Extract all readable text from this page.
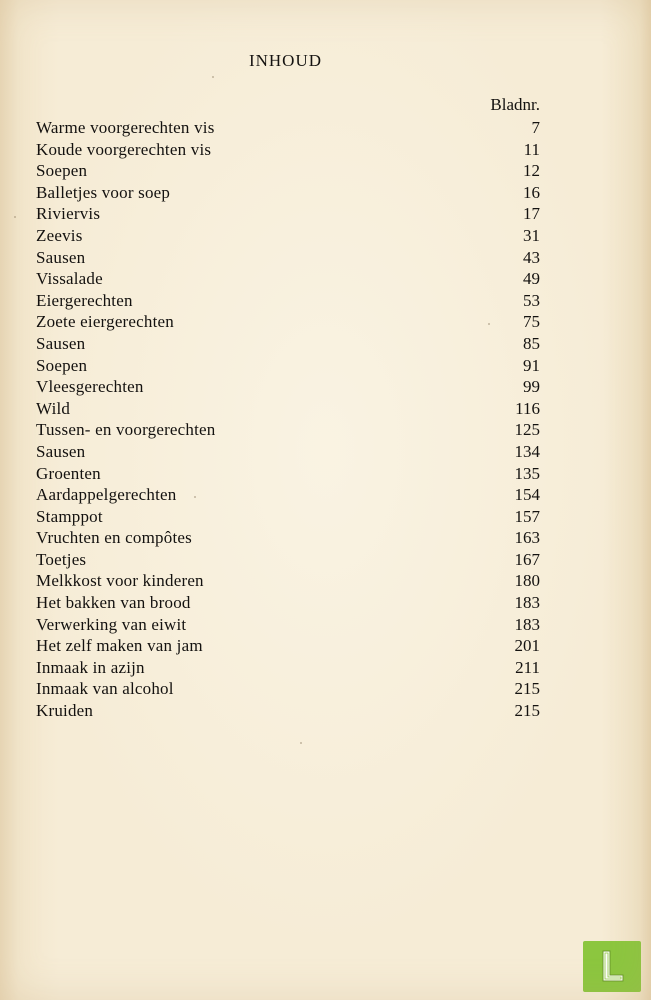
INHOUD
Bladnr.
Warme voorgerechten vis	7
Koude voorgerechten vis	11
Soepen	12
Balletjes voor soep	16
Riviervis	17
Zeevis	31
Sausen	43
Vissalade	49
Eiergerechten	53
Zoete eiergerechten	75
Sausen	85
Soepen	91
Vleesgerechten	99
Wild	116
Tussen- en voorgerechten	125
Sausen	134
Groenten	135
Aardappelgerechten	154
Stamppot	157
Vruchten en compôtes	163
Toetjes	167
Melkkost voor kinderen	180
Het bakken van brood	183
Verwerking van eiwit	183
Het zelf maken van jam	201
Inmaak in azijn	211
Inmaak van alcohol	215
Kruiden	215
